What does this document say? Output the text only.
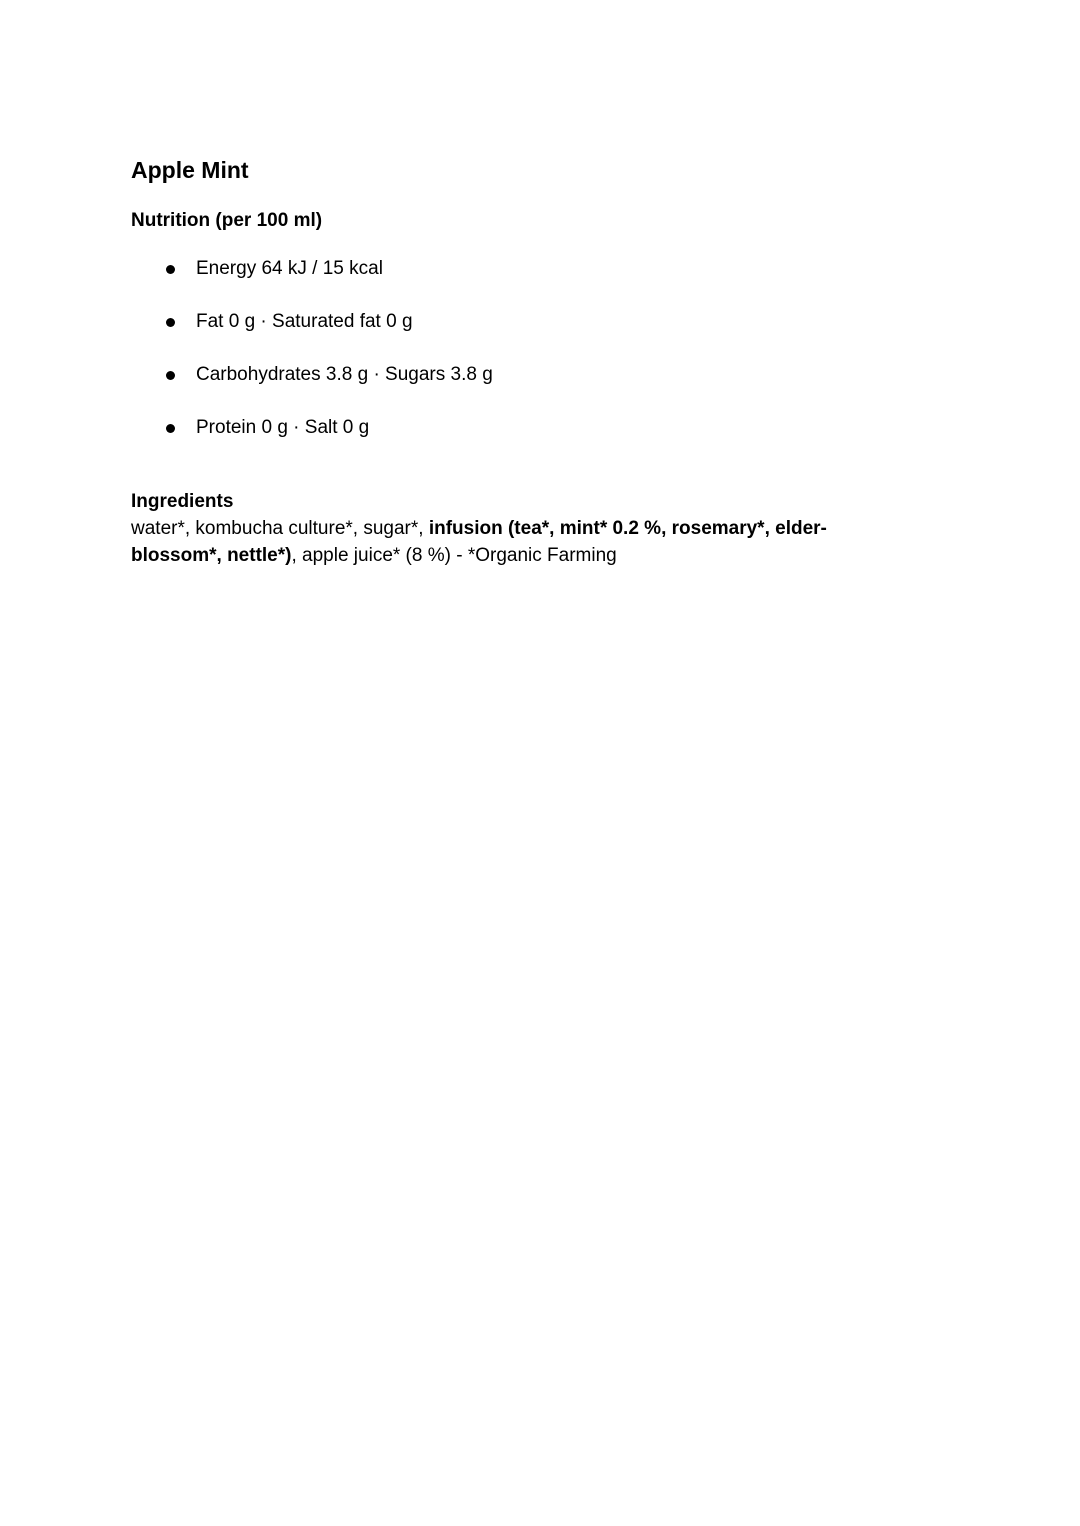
Apple Mint
Nutrition (per 100 ml)
Energy 64 kJ / 15 kcal
Fat 0 g · Saturated fat 0 g
Carbohydrates 3.8 g · Sugars 3.8 g
Protein 0 g · Salt 0 g
Ingredients

water*, kombucha culture*, sugar*, infusion (tea*, mint* 0.2 %, rosemary*, elder-blossom*, nettle*), apple juice* (8 %) - *Organic Farming
